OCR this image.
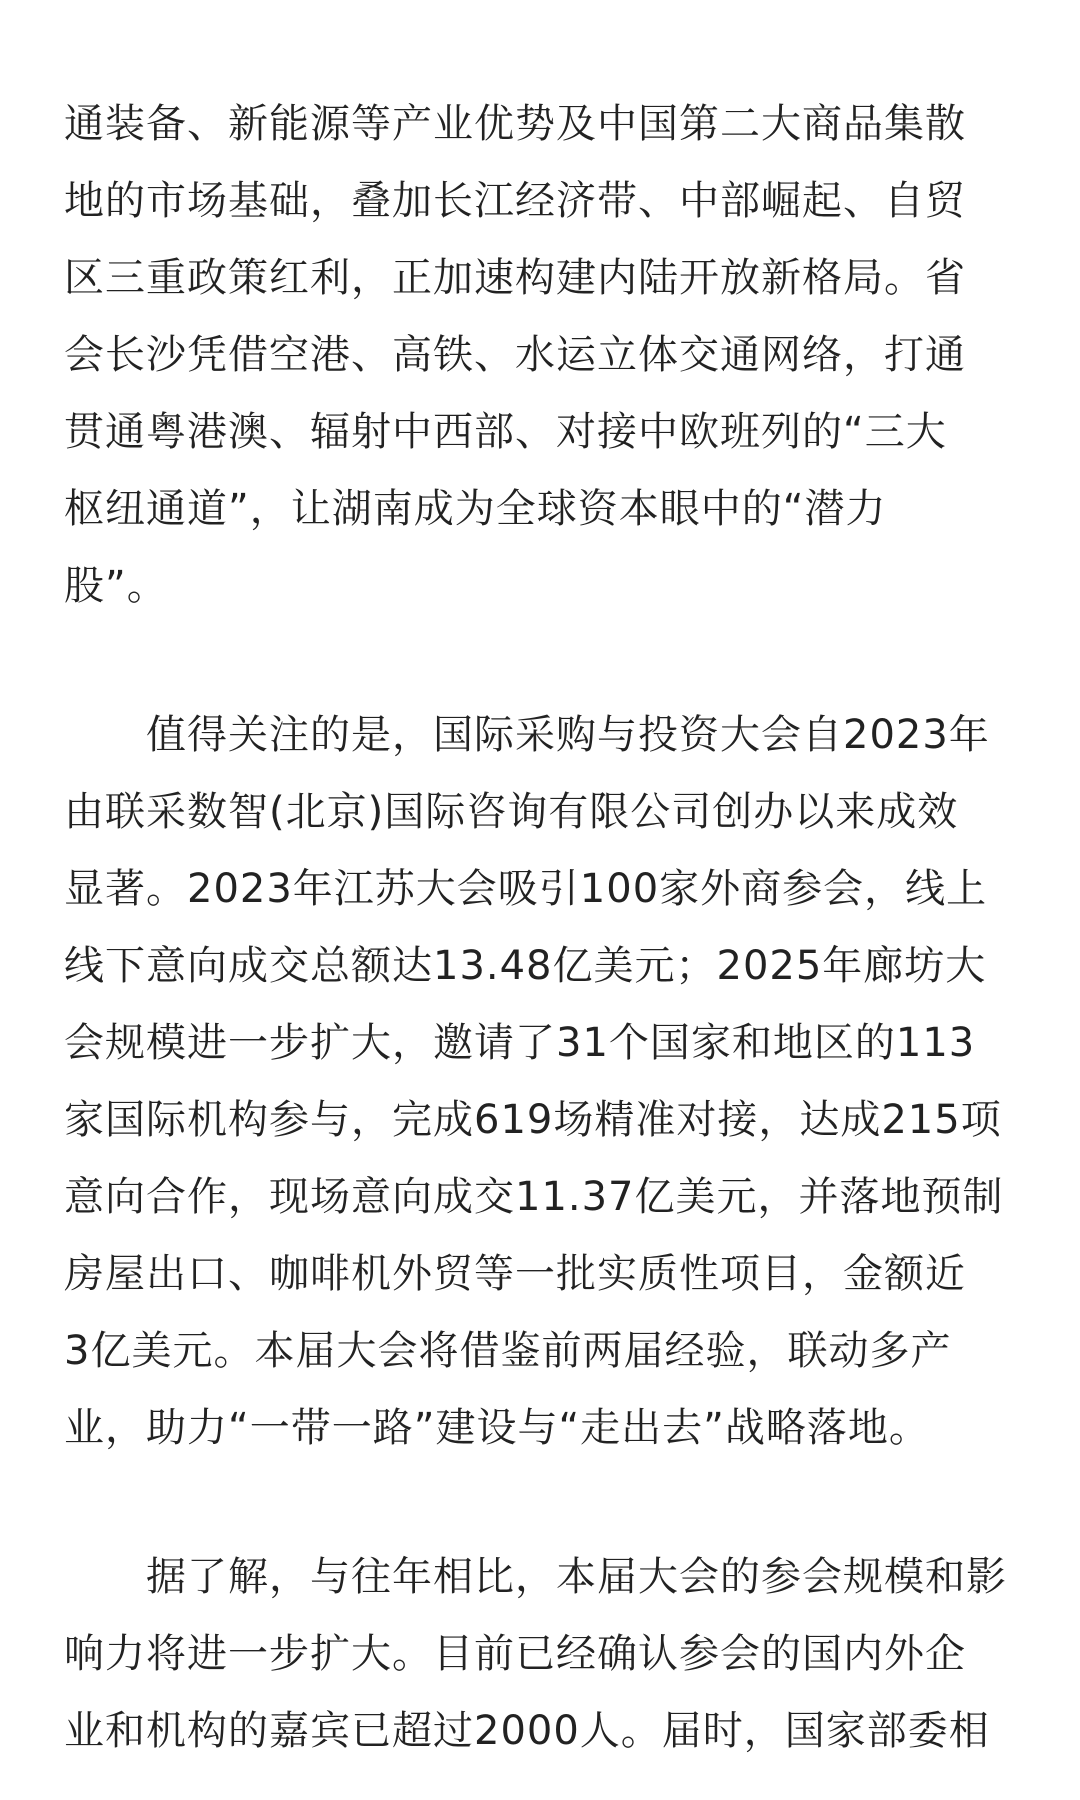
通装备、新能源等产业优势及中国第二大商品集散
地的市场基础，叠加长江经济带、中部崛起、自贸
区三重政策红利，正加速构建内陆开放新格局。省
会长沙凭借空港、高铁、水运立体交通网络，打通
贯通粤港澳、辐射中西部、对接中欧班列的“三大
枢纽通道”，让湖南成为全球资本眼中的“潜力
股”。
　　值得关注的是，国际采购与投资大会自2023年
由联采数智(北京)国际咨询有限公司创办以来成效
显著。2023年江苏大会吸引100家外商参会，线上
线下意向成交总额达13.48亿美元；2025年廊坊大
会规模进一步扩大，邀请了31个国家和地区的113
家国际机构参与，完成619场精准对接，达成215项
意向合作，现场意向成交11.37亿美元，并落地预制
房屋出口、咖啡机外贸等一批实质性项目，金额近
3亿美元。本届大会将借鉴前两届经验，联动多产
业，助力“一带一路”建设与“走出去”战略落地。
　　据了解，与往年相比，本届大会的参会规模和影
响力将进一步扩大。目前已经确认参会的国内外企
业和机构的嘉宾已超过2000人。届时，国家部委相
